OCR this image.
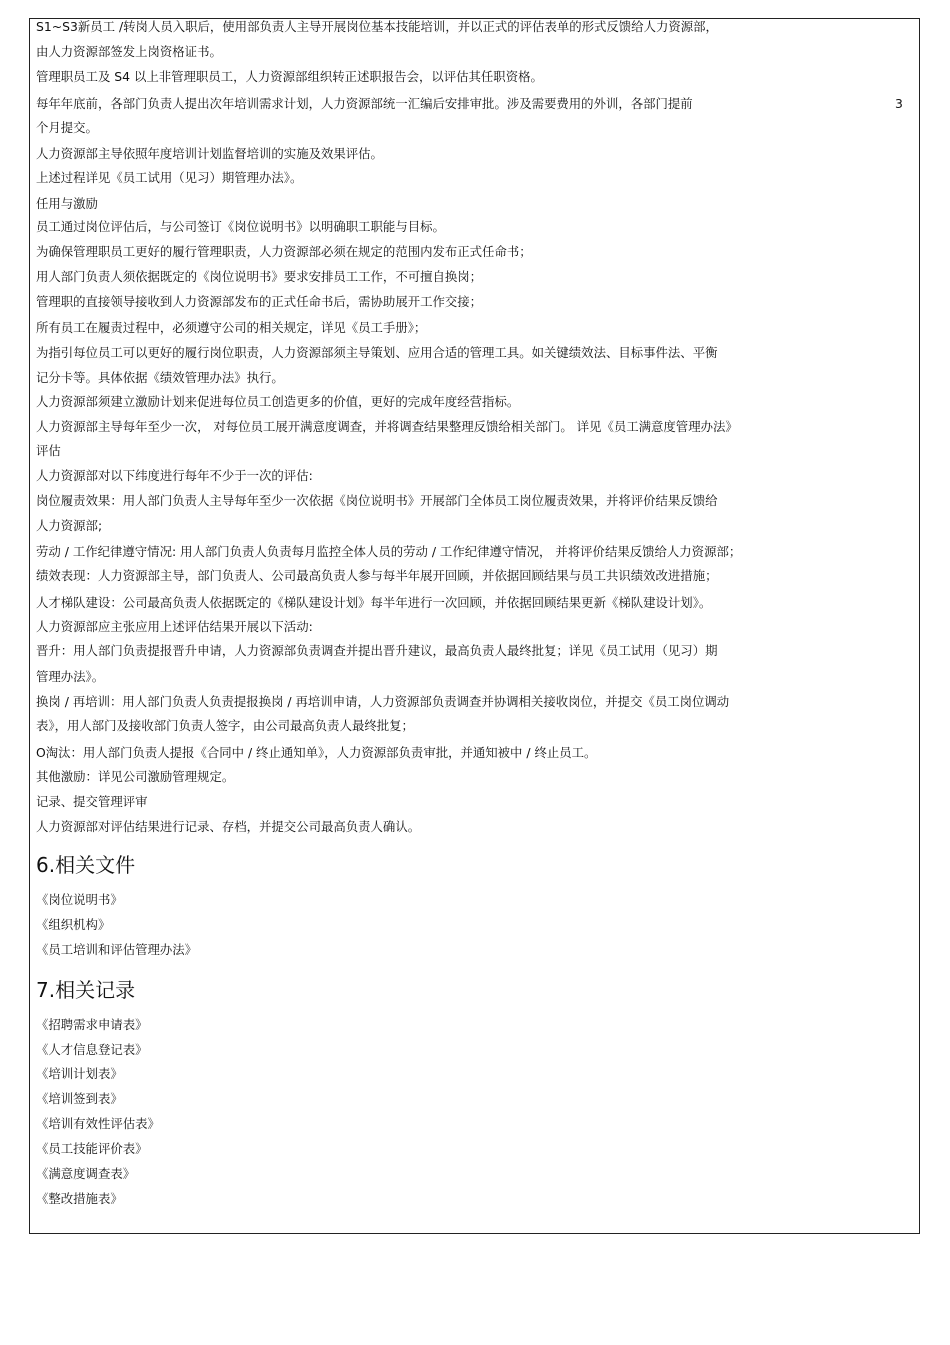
S1~S3新员工 /转岗人员入职后，使用部负责人主导开展岗位基本技能培训，并以正式的评估表单的形式反馈给人力资源部，
由人力资源部签发上岗资格证书。
管理职员工及 S4 以上非管理职员工，人力资源部组织转正述职报告会，以评估其任职资格。
每年年底前，各部门负责人提出次年培训需求计划，人力资源部统一汇编后安排审批。涉及需要费用的外训，各部门提前
个月提交。
人力资源部主导依照年度培训计划监督培训的实施及效果评估。
上述过程详见《员工试用（见习）期管理办法》。
任用与激励
员工通过岗位评估后，与公司签订《岗位说明书》以明确职工职能与目标。
为确保管理职员工更好的履行管理职责，人力资源部必须在规定的范围内发布正式任命书；
用人部门负责人须依据既定的《岗位说明书》要求安排员工工作，不可擅自换岗；
管理职的直接领导接收到人力资源部发布的正式任命书后，需协助展开工作交接；
所有员工在履责过程中，必须遵守公司的相关规定，详见《员工手册》；
为指引每位员工可以更好的履行岗位职责，人力资源部须主导策划、应用合适的管理工具。如关键绩效法、目标事件法、平衡
记分卡等。具体依据《绩效管理办法》执行。
人力资源部须建立激励计划来促进每位员工创造更多的价值，更好的完成年度经营指标。
人力资源部主导每年至少一次， 对每位员工展开满意度调查，并将调查结果整理反馈给相关部门。 详见《员工满意度管理办法》
评估
人力资源部对以下纬度进行每年不少于一次的评估:
岗位履责效果：用人部门负责人主导每年至少一次依据《岗位说明书》开展部门全体员工岗位履责效果，并将评价结果反馈给
人力资源部;
劳动 / 工作纪律遵守情况: 用人部门负责人负责每月监控全体人员的劳动 / 工作纪律遵守情况， 并将评价结果反馈给人力资源部；
绩效表现：人力资源部主导，部门负责人、公司最高负责人参与每半年展开回顾，并依据回顾结果与员工共识绩效改进措施；
人才梯队建设：公司最高负责人依据既定的《梯队建设计划》每半年进行一次回顾，并依据回顾结果更新《梯队建设计划》。
人力资源部应主张应用上述评估结果开展以下活动:
晋升：用人部门负责提报晋升申请，人力资源部负责调查并提出晋升建议，最高负责人最终批复；详见《员工试用（见习）期
管理办法》。
换岗 / 再培训：用人部门负责人负责提报换岗 / 再培训申请，人力资源部负责调查并协调相关接收岗位，并提交《员工岗位调动
表》，用人部门及接收部门负责人签字，由公司最高负责人最终批复；
O淘汰：用人部门负责人提报《合同中 / 终止通知单》，人力资源部负责审批，并通知被中 / 终止员工。
其他激励：详见公司激励管理规定。
记录、提交管理评审
人力资源部对评估结果进行记录、存档，并提交公司最高负责人确认。
3
6.相关文件
《岗位说明书》
《组织机构》
《员工培训和评估管理办法》
7.相关记录
《招聘需求申请表》
《人才信息登记表》
《培训计划表》
《培训签到表》
《培训有效性评估表》
《员工技能评价表》
《满意度调查表》
《整改措施表》
